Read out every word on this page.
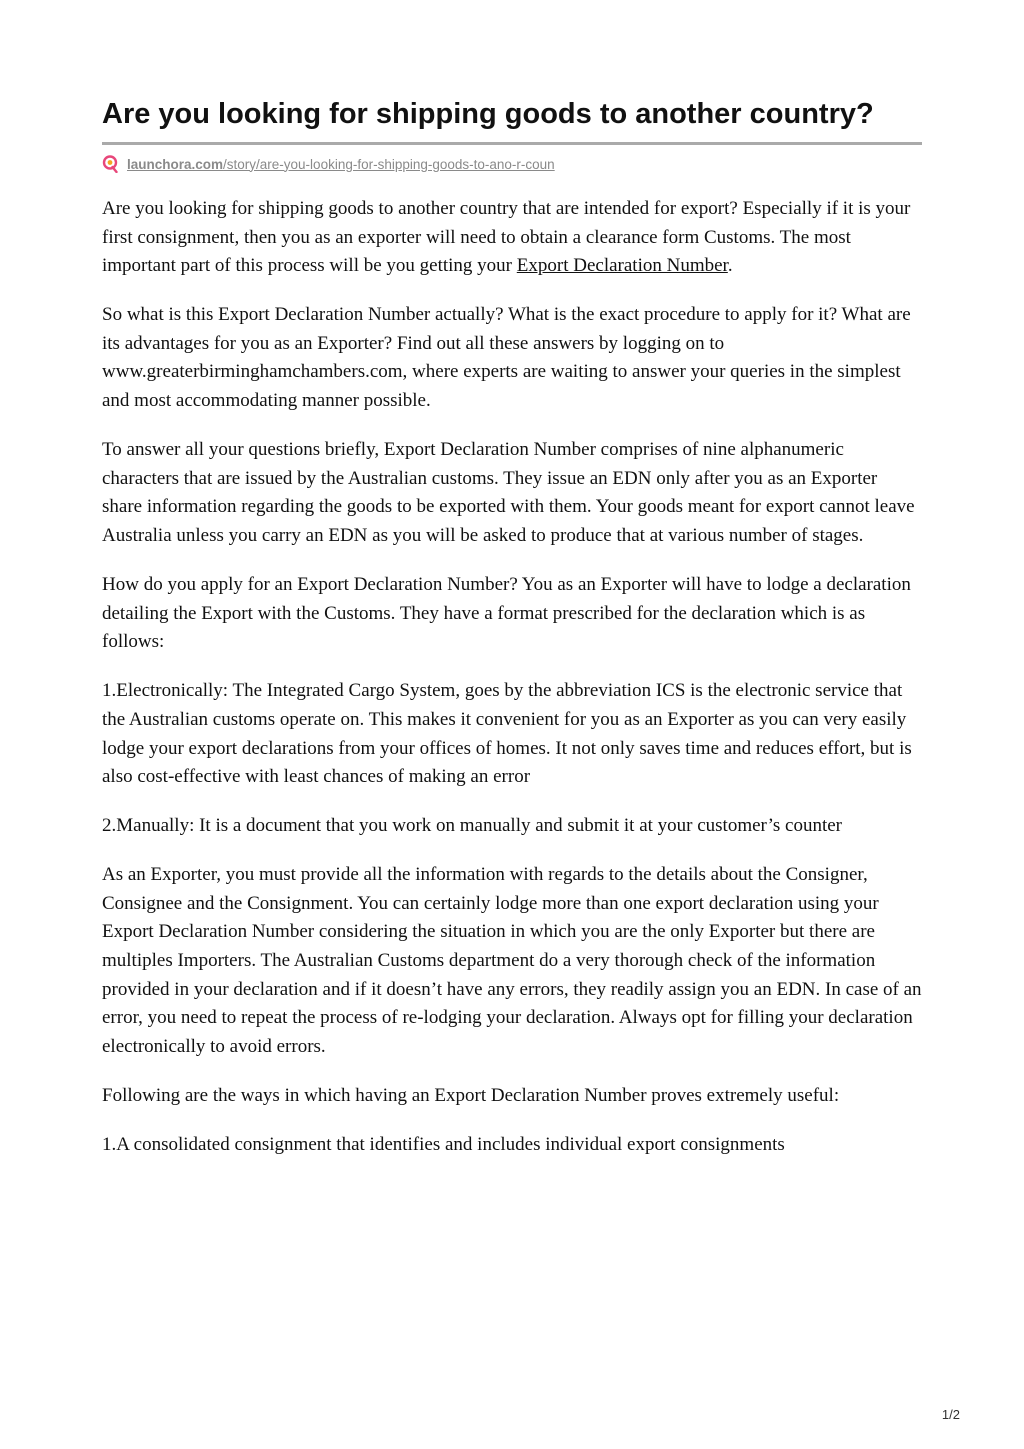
Are you looking for shipping goods to another country?
launchora.com/story/are-you-looking-for-shipping-goods-to-ano-r-coun

Are you looking for shipping goods to another country that are intended for export? Especially if it is your first consignment, then you as an exporter will need to obtain a clearance form Customs. The most important part of this process will be you getting your Export Declaration Number.

So what is this Export Declaration Number actually? What is the exact procedure to apply for it? What are its advantages for you as an Exporter? Find out all these answers by logging on to www.greaterbirminghamchambers.com, where experts are waiting to answer your queries in the simplest and most accommodating manner possible.

To answer all your questions briefly, Export Declaration Number comprises of nine alphanumeric characters that are issued by the Australian customs. They issue an EDN only after you as an Exporter share information regarding the goods to be exported with them. Your goods meant for export cannot leave Australia unless you carry an EDN as you will be asked to produce that at various number of stages.

How do you apply for an Export Declaration Number? You as an Exporter will have to lodge a declaration detailing the Export with the Customs. They have a format prescribed for the declaration which is as follows:

1.Electronically: The Integrated Cargo System, goes by the abbreviation ICS is the electronic service that the Australian customs operate on. This makes it convenient for you as an Exporter as you can very easily lodge your export declarations from your offices of homes. It not only saves time and reduces effort, but is also cost-effective with least chances of making an error

2.Manually: It is a document that you work on manually and submit it at your customer’s counter

As an Exporter, you must provide all the information with regards to the details about the Consigner, Consignee and the Consignment. You can certainly lodge more than one export declaration using your Export Declaration Number considering the situation in which you are the only Exporter but there are multiples Importers. The Australian Customs department do a very thorough check of the information provided in your declaration and if it doesn’t have any errors, they readily assign you an EDN. In case of an error, you need to repeat the process of re-lodging your declaration. Always opt for filling your declaration electronically to avoid errors.

Following are the ways in which having an Export Declaration Number proves extremely useful:

1.A consolidated consignment that identifies and includes individual export consignments

1/2
